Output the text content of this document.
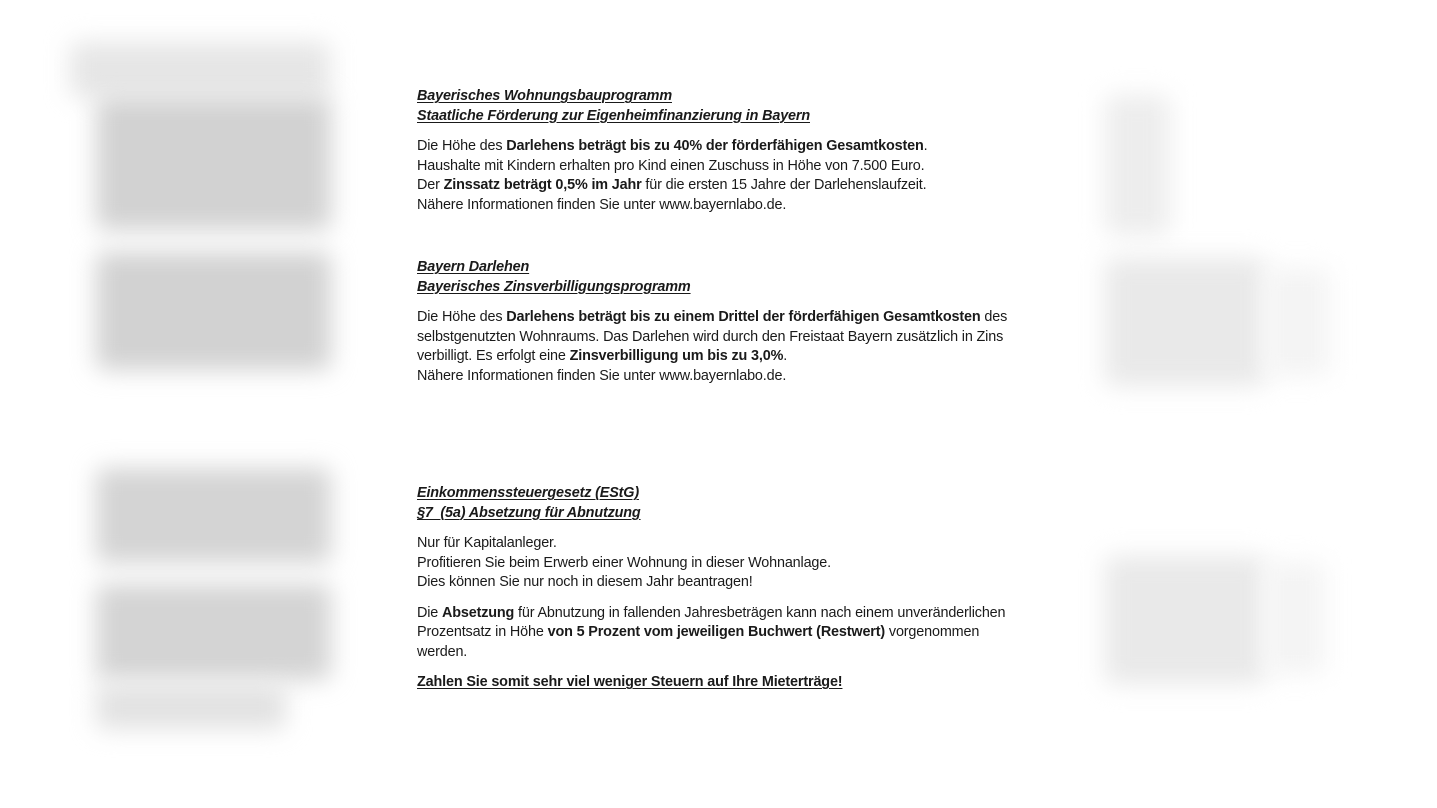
Bayerisches Wohnungsbauprogramm
Staatliche Förderung zur Eigenheimfinanzierung in Bayern
Die Höhe des Darlehens beträgt bis zu 40% der förderfähigen Gesamtkosten.
Haushalte mit Kindern erhalten pro Kind einen Zuschuss in Höhe von 7.500 Euro.
Der Zinssatz beträgt 0,5% im Jahr für die ersten 15 Jahre der Darlehenslaufzeit.
Nähere Informationen finden Sie unter www.bayernlabo.de.
Bayern Darlehen
Bayerisches Zinsverbilligungsprogramm
Die Höhe des Darlehens beträgt bis zu einem Drittel der förderfähigen Gesamtkosten des
selbstgenutzten Wohnraums. Das Darlehen wird durch den Freistaat Bayern zusätzlich in Zins
verbilligt. Es erfolgt eine Zinsverbilligung um bis zu 3,0%.
Nähere Informationen finden Sie unter www.bayernlabo.de.
Einkommenssteuergesetz (EStG)
§7  (5a) Absetzung für Abnutzung
Nur für Kapitalanleger.
Profitieren Sie beim Erwerb einer Wohnung in dieser Wohnanlage.
Dies können Sie nur noch in diesem Jahr beantragen!
Die Absetzung für Abnutzung in fallenden Jahresbeträgen kann nach einem unveränderlichen
Prozentsatz in Höhe von 5 Prozent vom jeweiligen Buchwert (Restwert) vorgenommen
werden.
Zahlen Sie somit sehr viel weniger Steuern auf Ihre Mieterträge!
